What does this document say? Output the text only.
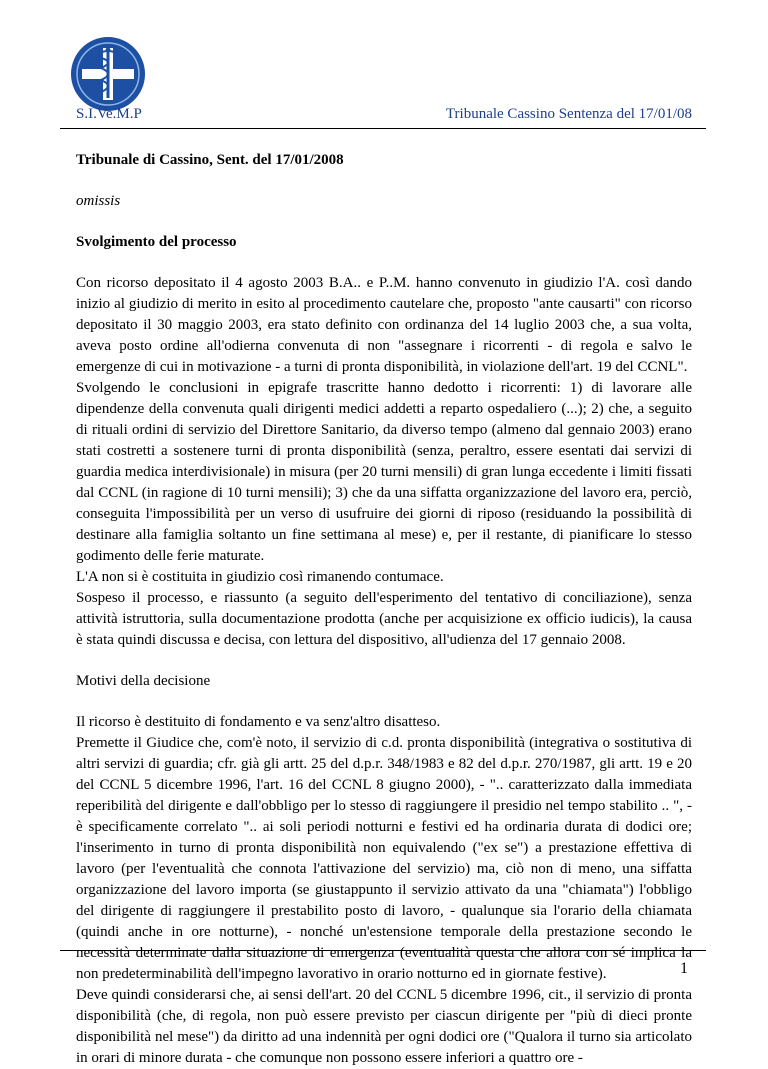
S.I.Ve.M.P	Tribunale Cassino Sentenza del 17/01/08

Tribunale di Cassino, Sent. del 17/01/2008

omissis

Svolgimento del processo

Con ricorso depositato il 4 agosto 2003 B.A.. e P..M. hanno convenuto in giudizio l'A. così dando inizio al giudizio di merito in esito al procedimento cautelare che, proposto "ante causarti" con ricorso depositato il 30 maggio 2003, era stato definito con ordinanza del 14 luglio 2003 che, a sua volta, aveva posto ordine all'odierna convenuta di non "assegnare i ricorrenti - di regola e salvo le emergenze di cui in motivazione - a turni di pronta disponibilità, in violazione dell'art. 19 del CCNL".

Svolgendo le conclusioni in epigrafe trascritte hanno dedotto i ricorrenti: 1) di lavorare alle dipendenze della convenuta quali dirigenti medici addetti a reparto ospedaliero (...); 2) che, a seguito di rituali ordini di servizio del Direttore Sanitario, da diverso tempo (almeno dal gennaio 2003) erano stati costretti a sostenere turni di pronta disponibilità (senza, peraltro, essere esentati dai servizi di guardia medica interdivisionale) in misura (per 20 turni mensili) di gran lunga eccedente i limiti fissati dal CCNL (in ragione di 10 turni mensili); 3) che da una siffatta organizzazione del lavoro era, perciò, conseguita l'impossibilità per un verso di usufruire dei giorni di riposo (residuando la possibilità di destinare alla famiglia soltanto un fine settimana al mese) e, per il restante, di pianificare lo stesso godimento delle ferie maturate.

L'A non si è costituita in giudizio così rimanendo contumace.

Sospeso il processo, e riassunto (a seguito dell'esperimento del tentativo di conciliazione), senza attività istruttoria, sulla documentazione prodotta (anche per acquisizione ex officio iudicis), la causa è stata quindi discussa e decisa, con lettura del dispositivo, all'udienza del 17 gennaio 2008.

Motivi della decisione

Il ricorso è destituito di fondamento e va senz'altro disatteso.

Premette il Giudice che, com'è noto, il servizio di c.d. pronta disponibilità (integrativa o sostitutiva di altri servizi di guardia; cfr. già gli artt. 25 del d.p.r. 348/1983 e 82 del d.p.r. 270/1987, gli artt. 19 e 20 del CCNL 5 dicembre 1996, l'art. 16 del CCNL 8 giugno 2000), - ".. caratterizzato dalla immediata reperibilità del dirigente e dall'obbligo per lo stesso di raggiungere il presidio nel tempo stabilito .. ", - è specificamente correlato ".. ai soli periodi notturni e festivi ed ha ordinaria durata di dodici ore; l'inserimento in turno di pronta disponibilità non equivalendo ("ex se") a prestazione effettiva di lavoro (per l'eventualità che connota l'attivazione del servizio) ma, ciò non di meno, una siffatta organizzazione del lavoro importa (se giustappunto il servizio attivato da una "chiamata") l'obbligo del dirigente di raggiungere il prestabilito posto di lavoro, - qualunque sia l'orario della chiamata (quindi anche in ore notturne), - nonché un'estensione temporale della prestazione secondo le necessità determinate dalla situazione di emergenza (eventualità questa che allora con sé implica la non predeterminabilità dell'impegno lavorativo in orario notturno ed in giornate festive).

Deve quindi considerarsi che, ai sensi dell'art. 20 del CCNL 5 dicembre 1996, cit., il servizio di pronta disponibilità (che, di regola, non può essere previsto per ciascun dirigente per "più di dieci pronte disponibilità nel mese") da diritto ad una indennità per ogni dodici ore ("Qualora il turno sia articolato in orari di minore durata - che comunque non possono essere inferiori a quattro ore -

1
